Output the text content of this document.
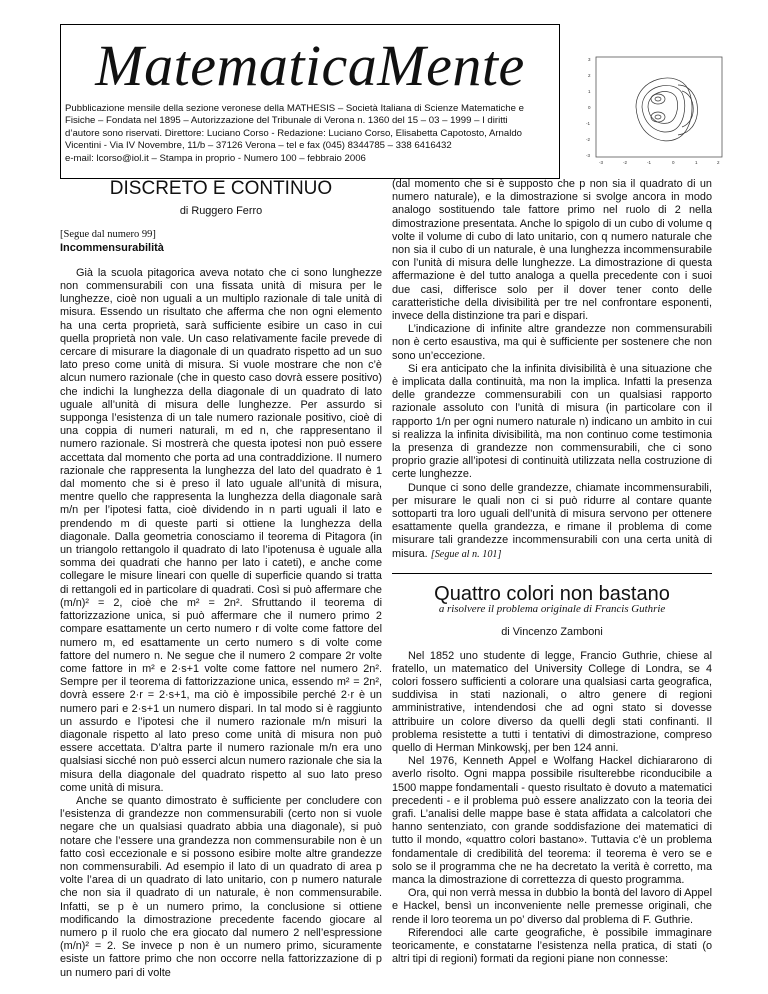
MatematicaMente
Pubblicazione mensile della sezione veronese della MATHESIS – Società Italiana di Scienze Matematiche e
Fisiche – Fondata nel 1895 – Autorizzazione del Tribunale di Verona n. 1360 del 15 – 03 – 1999 – I diritti
d’autore sono riservati. Direttore: Luciano Corso - Redazione: Luciano Corso, Elisabetta Capotosto, Arnaldo
Vicentini - Via IV Novembre, 11/b – 37126 Verona – tel e fax (045) 8344785 – 338 6416432
e-mail: lcorso@iol.it – Stampa in proprio - Numero 100 – febbraio 2006	-3	-2	-1	0	1	2
3
2
1
0
-1
-2
-3
DISCRETO E CONTINUO
di Ruggero Ferro
[Segue dal numero 99]
Incommensurabilità

Già la scuola pitagorica aveva notato che ci sono lunghezze non commensurabili con una fissata unità di misura per le lunghezze, cioè non uguali a un multiplo razionale di tale unità di misura. Essendo un risultato che afferma che non ogni elemento ha una certa proprietà, sarà sufficiente esibire un caso in cui quella proprietà non vale. Un caso relativamente facile prevede di cercare di misurare la diagonale di un quadrato rispetto ad un suo lato preso come unità di misura. Si vuole mostrare che non c’è alcun numero razionale (che in questo caso dovrà essere positivo) che indichi la lunghezza della diagonale di un quadrato di lato uguale all’unità di misura delle lunghezze. Per assurdo si supponga l’esistenza di un tale numero razionale positivo, cioè di una coppia di numeri naturali, m ed n, che rappresentano il numero razionale. Si mostrerà che questa ipotesi non può essere accettata dal momento che porta ad una contraddizione. Il numero razionale che rappresenta la lunghezza del lato del quadrato è 1 dal momento che si è preso il lato uguale all’unità di misura, mentre quello che rappresenta la lunghezza della diagonale sarà m/n per l’ipotesi fatta, cioè dividendo in n parti uguali il lato e prendendo m di queste parti si ottiene la lunghezza della diagonale. Dalla geometria conosciamo il teorema di Pitagora (in un triangolo rettangolo il quadrato di lato l’ipotenusa è uguale alla somma dei quadrati che hanno per lato i cateti), e anche come collegare le misure lineari con quelle di superficie quando si tratta di rettangoli ed in particolare di quadrati. Così si può affermare che (m/n)² = 2, cioè che m² = 2n². Sfruttando il teorema di fattorizzazione unica, si può affermare che il numero primo 2 compare esattamente un certo numero r di volte come fattore del numero m, ed esattamente un certo numero s di volte come fattore del numero n. Ne segue che il numero 2 compare 2r volte come fattore in m² e 2·s+1 volte come fattore nel numero 2n². Sempre per il teorema di fattorizzazione unica, essendo m² = 2n², dovrà essere 2·r = 2·s+1, ma ciò è impossibile perché 2·r è un numero pari e 2·s+1 un numero dispari. In tal modo si è raggiunto un assurdo e l’ipotesi che il numero razionale m/n misuri la diagonale rispetto al lato preso come unità di misura non può essere accettata. D’altra parte il numero razionale m/n era uno qualsiasi sicché non può esserci alcun numero razionale che sia la misura della diagonale del quadrato rispetto al suo lato preso come unità di misura.

Anche se quanto dimostrato è sufficiente per concludere con l’esistenza di grandezze non commensurabili (certo non si vuole negare che un qualsiasi quadrato abbia una diagonale), si può notare che l’essere una grandezza non commensurabile non è un fatto così eccezionale e si possono esibire molte altre grandezze non commensurabili. Ad esempio il lato di un quadrato di area p volte l’area di un quadrato di lato unitario, con p numero naturale che non sia il quadrato di un naturale, è non commensurabile. Infatti, se p è un numero primo, la conclusione si ottiene modificando la dimostrazione precedente facendo giocare al numero p il ruolo che era giocato dal numero 2 nell’espressione (m/n)² = 2. Se invece p non è un numero primo, sicuramente esiste un fattore primo che non occorre nella fattorizzazione di p un numero pari di volte

(dal momento che si è supposto che p non sia il quadrato di un numero naturale), e la dimostrazione si svolge ancora in modo analogo sostituendo tale fattore primo nel ruolo di 2 nella dimostrazione presentata. Anche lo spigolo di un cubo di volume q volte il volume di cubo di lato unitario, con q numero naturale che non sia il cubo di un naturale, è una lunghezza incommensurabile con l’unità di misura delle lunghezze. La dimostrazione di questa affermazione è del tutto analoga a quella precedente con i suoi due casi, differisce solo per il dover tener conto delle caratteristiche della divisibilità per tre nel confrontare esponenti, invece della distinzione tra pari e dispari.

L’indicazione di infinite altre grandezze non commensurabili non è certo esaustiva, ma qui è sufficiente per sostenere che non sono un’eccezione.

Si era anticipato che la infinita divisibilità è una situazione che è implicata dalla continuità, ma non la implica. Infatti la presenza delle grandezze commensurabili con un qualsiasi rapporto razionale assoluto con l’unità di misura (in particolare con il rapporto 1/n per ogni numero naturale n) indicano un ambito in cui si realizza la infinita divisibilità, ma non continuo come testimonia la presenza di grandezze non commensurabili, che ci sono proprio grazie all’ipotesi di continuità utilizzata nella costruzione di certe lunghezze.

Dunque ci sono delle grandezze, chiamate incommensurabili, per misurare le quali non ci si può ridurre al contare quante sottoparti tra loro uguali dell’unità di misura servono per ottenere esattamente quella grandezza, e rimane il problema di come misurare tali grandezze incommensurabili con una certa unità di misura. [Segue al n. 101]

Quattro colori non bastano
a risolvere il problema originale di Francis Guthrie
di Vincenzo Zamboni

Nel 1852 uno studente di legge, Francio Guthrie, chiese al fratello, un matematico del University College di Londra, se 4 colori fossero sufficienti a colorare una qualsiasi carta geografica, suddivisa in stati nazionali, o altro genere di regioni amministrative, intendendosi che ad ogni stato si dovesse attribuire un colore diverso da quelli degli stati confinanti. Il problema resistette a tutti i tentativi di dimostrazione, compreso quello di Herman Minkowskj, per ben 124 anni.

Nel 1976, Kenneth Appel e Wolfang Hackel dichiararono di averlo risolto. Ogni mappa possibile risulterebbe riconducibile a 1500 mappe fondamentali - questo risultato è dovuto a matematici precedenti - e il problema può essere analizzato con la teoria dei grafi. L’analisi delle mappe base è stata affidata a calcolatori che hanno sentenziato, con grande soddisfazione dei matematici di tutto il mondo, «quattro colori bastano». Tuttavia c’è un problema fondamentale di credibilità del teorema: il teorema è vero se e solo se il programma che ne ha decretato la verità è corretto, ma manca la dimostrazione di correttezza di questo programma.

Ora, qui non verrà messa in dubbio la bontà del lavoro di Appel e Hackel, bensì un inconveniente nelle premesse originali, che rende il loro teorema un po’ diverso dal problema di F. Guthrie.

Riferendoci alle carte geografiche, è possibile immaginare teoricamente, e constatarne l’esistenza nella pratica, di stati (o altri tipi di regioni) formati da regioni piane non connesse:
